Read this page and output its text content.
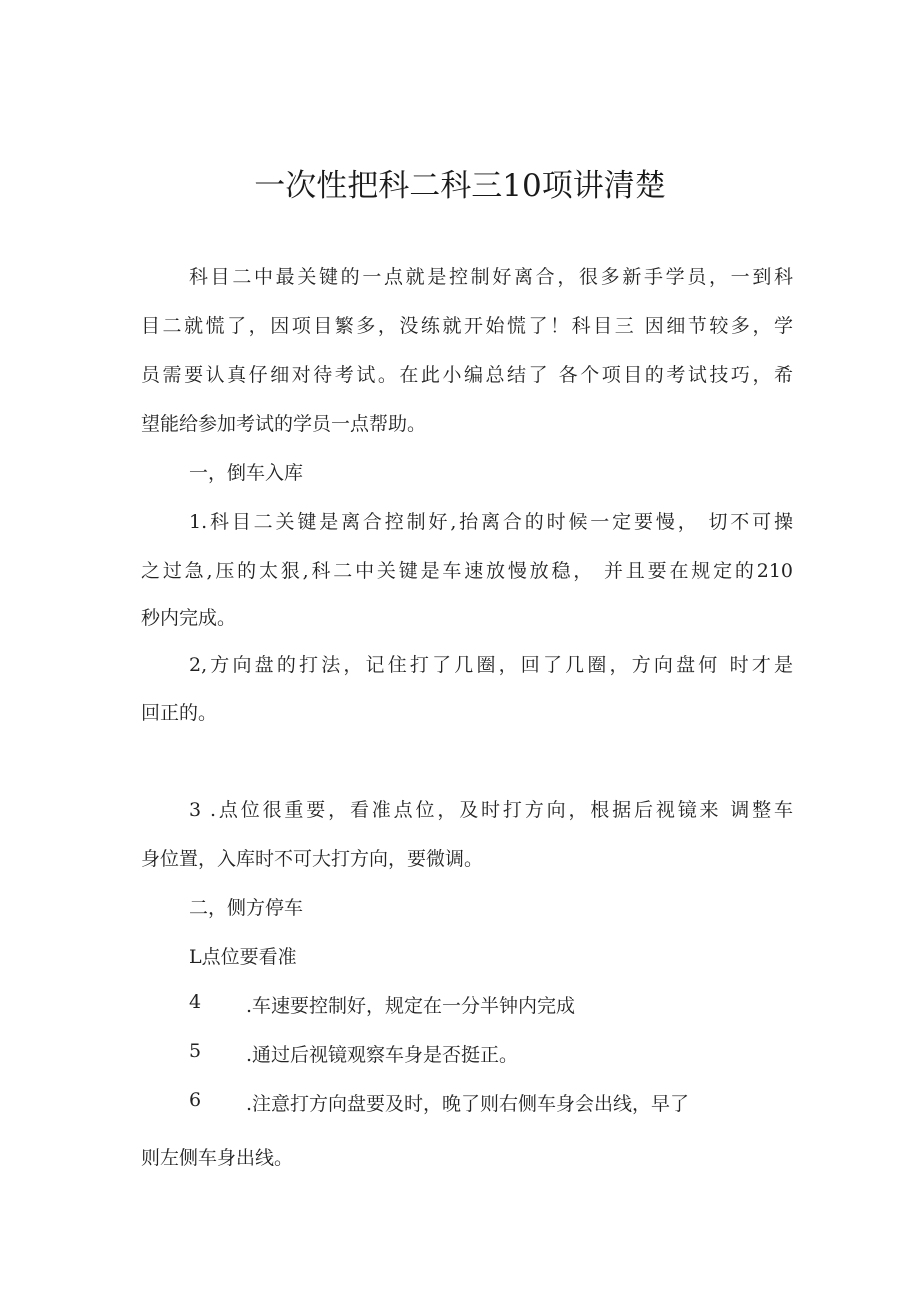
一次性把科二科三10项讲清楚
科目二中最关键的一点就是控制好离合，很多新手学员，一到科
目二就慌了，因项目繁多，没练就开始慌了！科目三 因细节较多，学
员需要认真仔细对待考试。在此小编总结了 各个项目的考试技巧，希
望能给参加考试的学员一点帮助。
一，倒车入库
1.科目二关键是离合控制好,抬离合的时候一定要慢， 切不可操
之过急,压的太狠,科二中关键是车速放慢放稳， 并且要在规定的210
秒内完成。
2,方向盘的打法，记住打了几圈，回了几圈，方向盘何 时才是
回正的。
3 .点位很重要，看准点位，及时打方向，根据后视镜来 调整车
身位置，入库时不可大打方向，要微调。
二，侧方停车
L点位要看准
4 .车速要控制好，规定在一分半钟内完成
5 .通过后视镜观察车身是否挺正。
6 .注意打方向盘要及时，晚了则右侧车身会出线，早了
则左侧车身出线。
